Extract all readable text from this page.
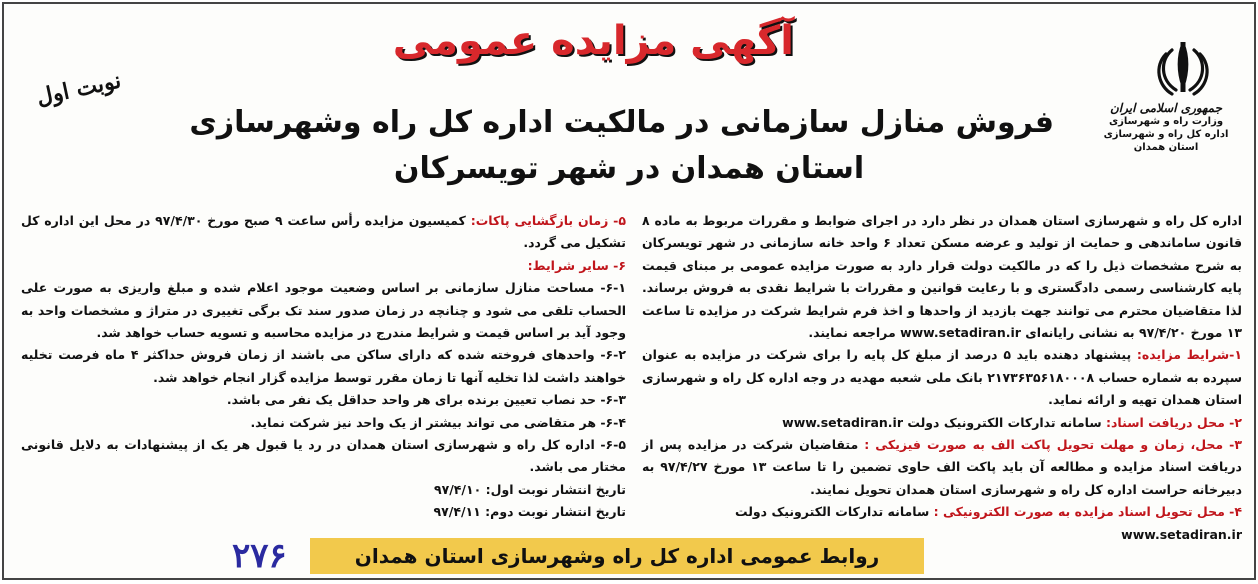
جمهوری اسلامی ایران
وزارت راه و شهرسازی
اداره کل راه و شهرسازی
استان همدان
نوبت اول
آگهی مزایده عمومی
فروش منازل سازمانی در مالکیت اداره کل راه وشهرسازی
استان همدان در شهر تویسرکان

اداره کل راه و شهرسازی استان همدان در نظر دارد در اجرای ضوابط و مقررات مربوط به ماده ۸ قانون ساماندهی و حمایت از تولید و عرضه مسکن تعداد ۶ واحد خانه سازمانی در شهر تویسرکان به شرح مشخصات ذیل را که در مالکیت دولت قرار دارد به صورت مزایده عمومی بر مبنای قیمت پایه کارشناسی رسمی دادگستری و با رعایت قوانین و مقررات با شرایط نقدی به فروش برساند. لذا متقاضیان محترم می توانند جهت بازدید از واحدها و اخذ فرم شرایط شرکت در مزایده تا ساعت ۱۳ مورخ ۹۷/۴/۲۰ به نشانی رایانه‌ای www.setadiran.ir مراجعه نمایند.

۱-شرایط مزایده: پیشنهاد دهنده باید ۵ درصد از مبلغ کل پایه را برای شرکت در مزایده به عنوان سپرده به شماره حساب ۲۱۷۳۶۳۵۶۱۸۰۰۰۸ بانک ملی شعبه مهدیه در وجه اداره کل راه و شهرسازی استان همدان تهیه و ارائه نماید.

۲- محل دریافت اسناد: سامانه تدارکات الکترونیک دولت www.setadiran.ir

۳- محل، زمان و مهلت تحویل پاکت الف به صورت فیزیکی : متقاضیان شرکت در مزایده پس از دریافت اسناد مزایده و مطالعه آن باید پاکت الف حاوی تضمین را تا ساعت ۱۳ مورخ ۹۷/۴/۲۷ به دبیرخانه حراست اداره کل راه و شهرسازی استان همدان تحویل نمایند.

۴- محل تحویل اسناد مزایده به صورت الکترونیکی : سامانه تدارکات الکترونیک دولت

www.setadiran.ir

۵- زمان بازگشایی پاکات: کمیسیون مزایده رأس ساعت ۹ صبح مورخ ۹۷/۴/۳۰ در محل این اداره کل تشکیل می گردد.

۶- سایر شرایط:

۶-۱- مساحت منازل سازمانی بر اساس وضعیت موجود اعلام شده و مبلغ واریزی به صورت علی الحساب تلقی می شود و چنانچه در زمان صدور سند تک برگی تغییری در متراژ و مشخصات واحد به وجود آید بر اساس قیمت و شرایط مندرج در مزایده محاسبه و تسویه حساب خواهد شد.

۶-۲- واحدهای فروخته شده که دارای ساکن می باشند از زمان فروش حداکثر ۴ ماه فرصت تخلیه خواهند داشت لذا تخلیه آنها تا زمان مقرر توسط مزایده گزار انجام خواهد شد.

۶-۳- حد نصاب تعیین برنده برای هر واحد حداقل یک نفر می باشد.

۶-۴- هر متقاضی می تواند بیشتر از یک واحد نیز شرکت نماید.

۶-۵- اداره کل راه و شهرسازی استان همدان در رد یا قبول هر یک از پیشنهادات به دلایل قانونی مختار می باشد.

تاریخ انتشار نوبت اول: ۹۷/۴/۱۰

تاریخ انتشار نوبت دوم: ۹۷/۴/۱۱

روابط عمومی اداره کل راه وشهرسازی استان همدان
۲۷۶
